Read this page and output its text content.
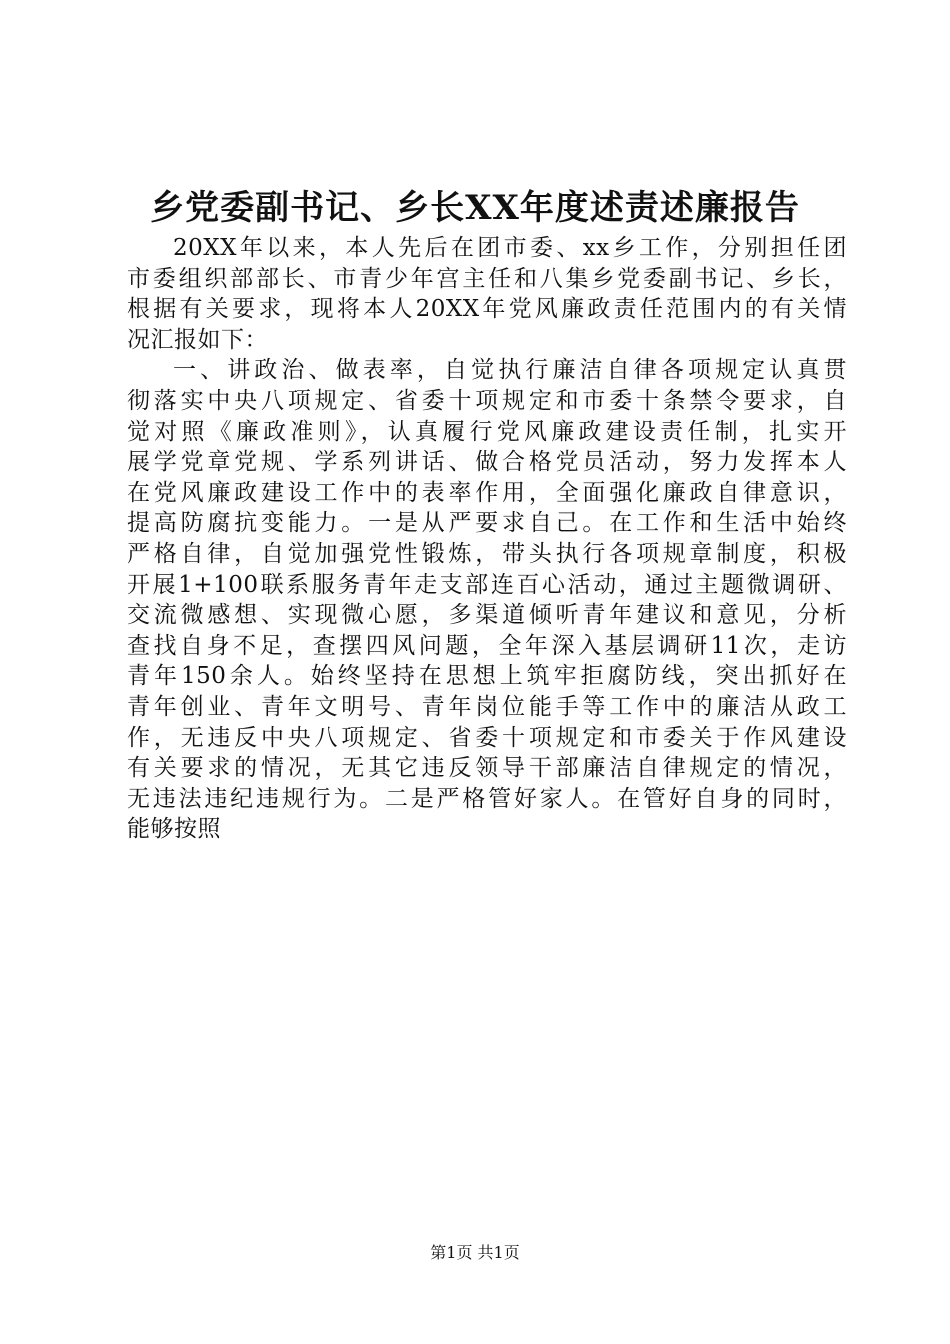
乡党委副书记、乡长XX年度述责述廉报告
20XX年以来，本人先后在团市委、xx乡工作，分别担任团
市委组织部部长、市青少年宫主任和八集乡党委副书记、乡长，
根据有关要求，现将本人20XX年党风廉政责任范围内的有关情
况汇报如下：
一、讲政治、做表率，自觉执行廉洁自律各项规定认真贯
彻落实中央八项规定、省委十项规定和市委十条禁令要求，自
觉对照《廉政准则》，认真履行党风廉政建设责任制，扎实开
展学党章党规、学系列讲话、做合格党员活动，努力发挥本人
在党风廉政建设工作中的表率作用，全面强化廉政自律意识，
提高防腐抗变能力。一是从严要求自己。在工作和生活中始终
严格自律，自觉加强党性锻炼，带头执行各项规章制度，积极
开展1+100联系服务青年走支部连百心活动，通过主题微调研、
交流微感想、实现微心愿，多渠道倾听青年建议和意见，分析
查找自身不足，查摆四风问题，全年深入基层调研11次，走访
青年150余人。始终坚持在思想上筑牢拒腐防线，突出抓好在
青年创业、青年文明号、青年岗位能手等工作中的廉洁从政工
作，无违反中央八项规定、省委十项规定和市委关于作风建设
有关要求的情况，无其它违反领导干部廉洁自律规定的情况，
无违法违纪违规行为。二是严格管好家人。在管好自身的同时，
能够按照
第1页 共1页
